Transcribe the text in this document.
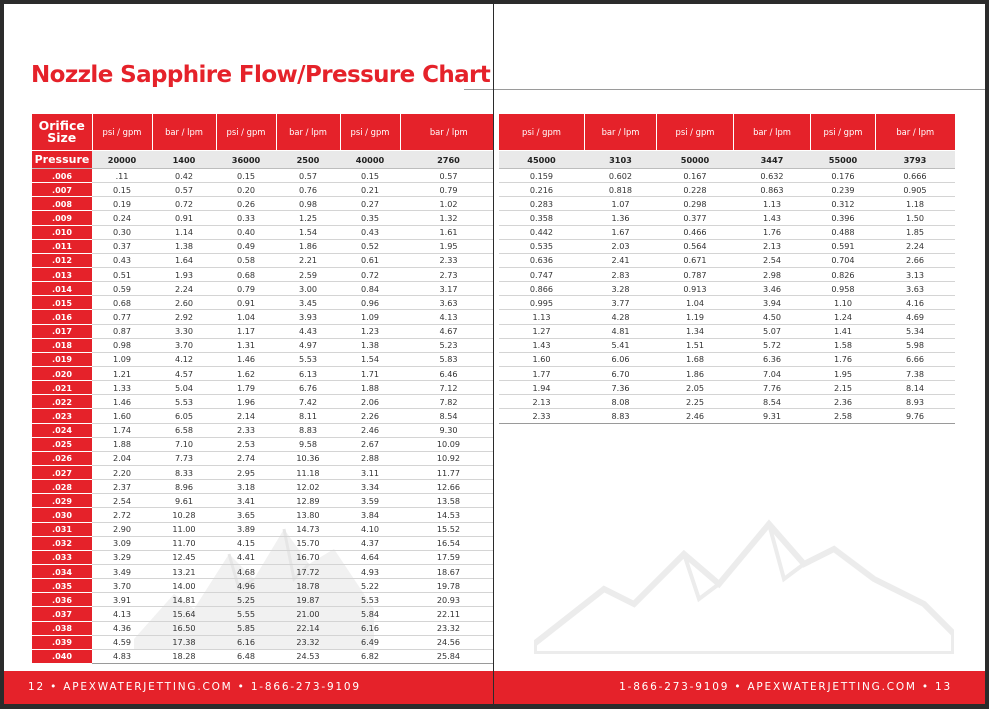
Nozzle Sapphire Flow/Pressure Chart
Orifice Size	psi / gpm	bar / lpm	psi / gpm	bar / lpm	psi / gpm	bar / lpm
Pressure	20000	1400	36000	2500	40000	2760
.006	.11	0.42	0.15	0.57	0.15	0.57
.007	0.15	0.57	0.20	0.76	0.21	0.79
.008	0.19	0.72	0.26	0.98	0.27	1.02
.009	0.24	0.91	0.33	1.25	0.35	1.32
.010	0.30	1.14	0.40	1.54	0.43	1.61
.011	0.37	1.38	0.49	1.86	0.52	1.95
.012	0.43	1.64	0.58	2.21	0.61	2.33
.013	0.51	1.93	0.68	2.59	0.72	2.73
.014	0.59	2.24	0.79	3.00	0.84	3.17
.015	0.68	2.60	0.91	3.45	0.96	3.63
.016	0.77	2.92	1.04	3.93	1.09	4.13
.017	0.87	3.30	1.17	4.43	1.23	4.67
.018	0.98	3.70	1.31	4.97	1.38	5.23
.019	1.09	4.12	1.46	5.53	1.54	5.83
.020	1.21	4.57	1.62	6.13	1.71	6.46
.021	1.33	5.04	1.79	6.76	1.88	7.12
.022	1.46	5.53	1.96	7.42	2.06	7.82
.023	1.60	6.05	2.14	8.11	2.26	8.54
.024	1.74	6.58	2.33	8.83	2.46	9.30
.025	1.88	7.10	2.53	9.58	2.67	10.09
.026	2.04	7.73	2.74	10.36	2.88	10.92
.027	2.20	8.33	2.95	11.18	3.11	11.77
.028	2.37	8.96	3.18	12.02	3.34	12.66
.029	2.54	9.61	3.41	12.89	3.59	13.58
.030	2.72	10.28	3.65	13.80	3.84	14.53
.031	2.90	11.00	3.89	14.73	4.10	15.52
.032	3.09	11.70	4.15	15.70	4.37	16.54
.033	3.29	12.45	4.41	16.70	4.64	17.59
.034	3.49	13.21	4.68	17.72	4.93	18.67
.035	3.70	14.00	4.96	18.78	5.22	19.78
.036	3.91	14.81	5.25	19.87	5.53	20.93
.037	4.13	15.64	5.55	21.00	5.84	22.11
.038	4.36	16.50	5.85	22.14	6.16	23.32
.039	4.59	17.38	6.16	23.32	6.49	24.56
.040	4.83	18.28	6.48	24.53	6.82	25.84
12 • APEXWATERJETTING.COM • 1-866-273-9109
psi / gpm	bar / lpm	psi / gpm	bar / lpm	psi / gpm	bar / lpm
45000	3103	50000	3447	55000	3793
0.159	0.602	0.167	0.632	0.176	0.666
0.216	0.818	0.228	0.863	0.239	0.905
0.283	1.07	0.298	1.13	0.312	1.18
0.358	1.36	0.377	1.43	0.396	1.50
0.442	1.67	0.466	1.76	0.488	1.85
0.535	2.03	0.564	2.13	0.591	2.24
0.636	2.41	0.671	2.54	0.704	2.66
0.747	2.83	0.787	2.98	0.826	3.13
0.866	3.28	0.913	3.46	0.958	3.63
0.995	3.77	1.04	3.94	1.10	4.16
1.13	4.28	1.19	4.50	1.24	4.69
1.27	4.81	1.34	5.07	1.41	5.34
1.43	5.41	1.51	5.72	1.58	5.98
1.60	6.06	1.68	6.36	1.76	6.66
1.77	6.70	1.86	7.04	1.95	7.38
1.94	7.36	2.05	7.76	2.15	8.14
2.13	8.08	2.25	8.54	2.36	8.93
2.33	8.83	2.46	9.31	2.58	9.76
1-866-273-9109 • APEXWATERJETTING.COM • 13
